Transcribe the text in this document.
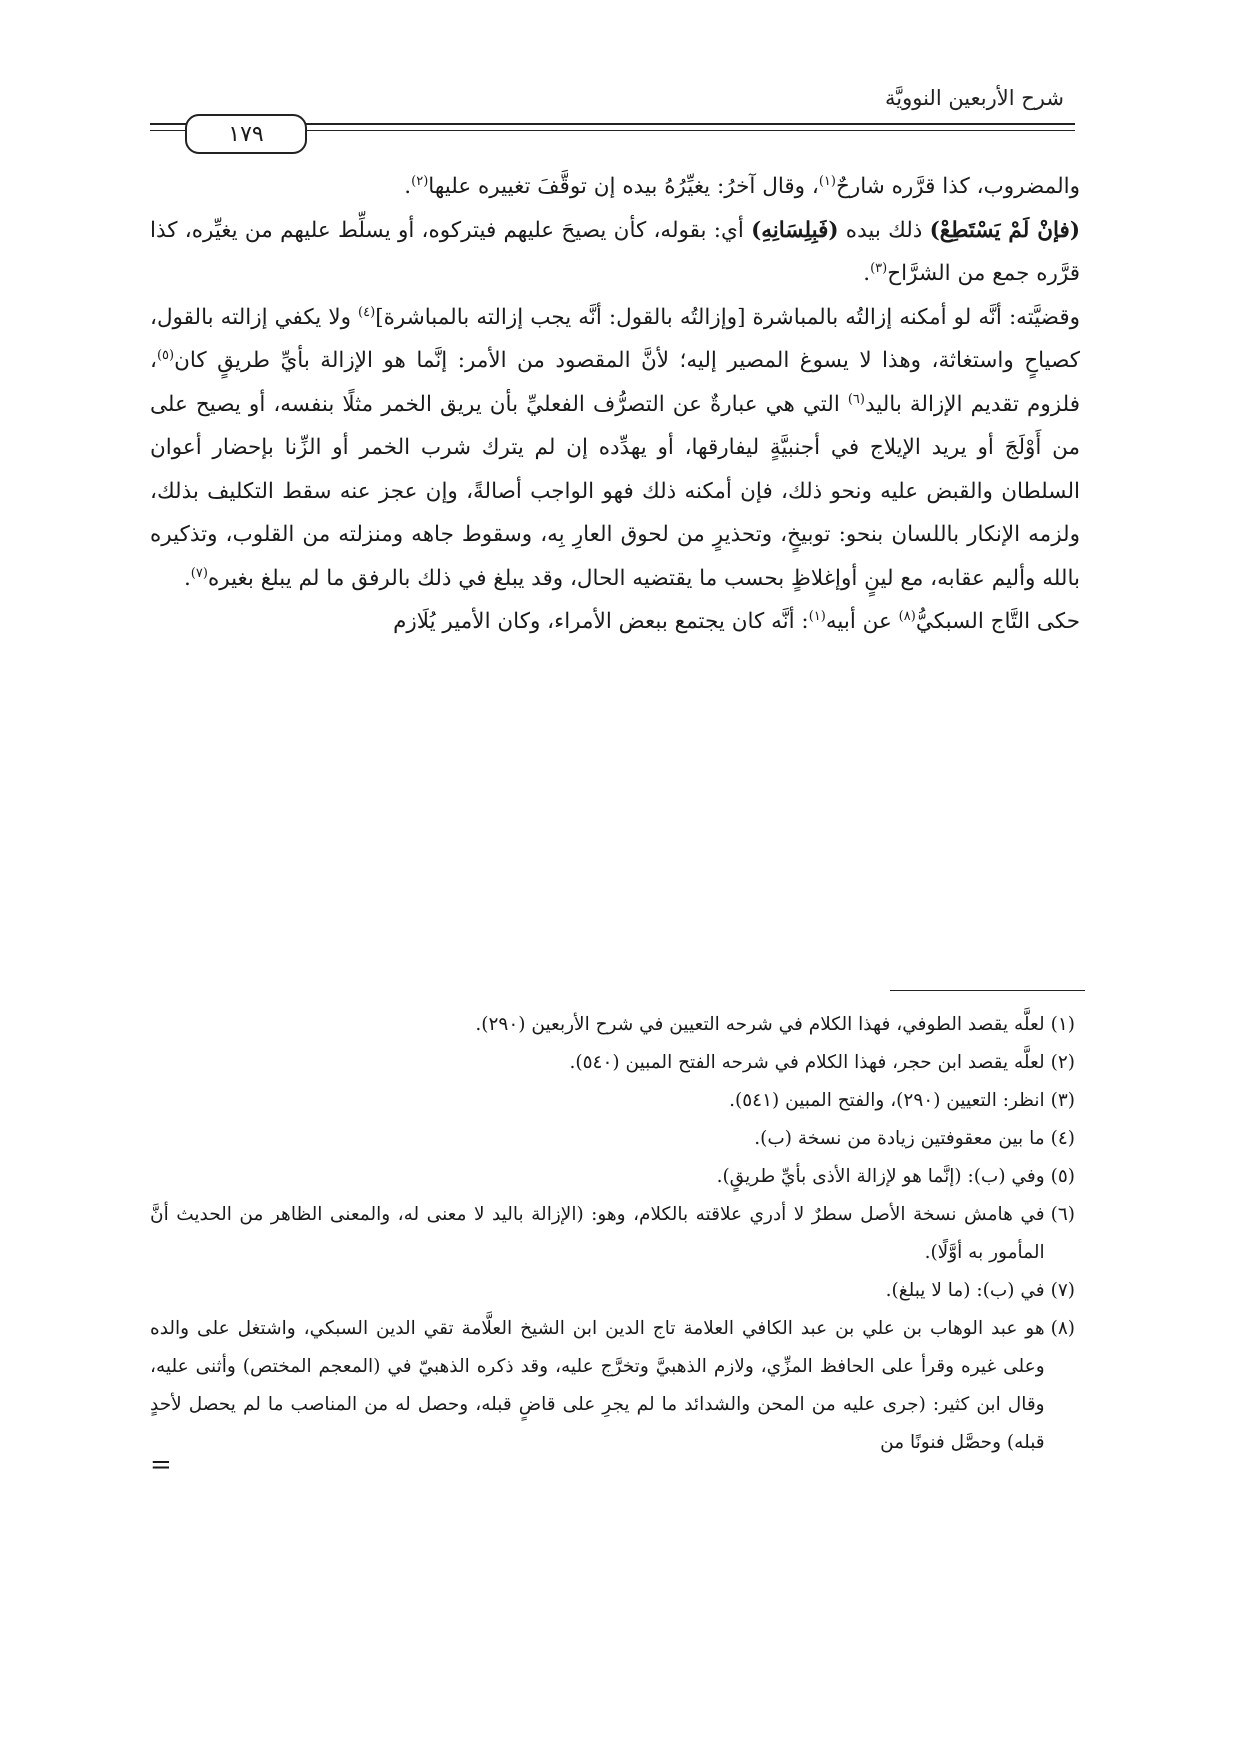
شرح الأربعين النوويَّة
١٧٩

والمضروب، كذا قرَّره شارحٌ$^{(١)}$، وقال آخرُ: يغيِّرُهُ بيده إن توقَّفَ تغييره عليها$^{(٢)}$.

(فإنْ لَمْ يَسْتَطِعْ) ذلك بيده (فَبِلِسَانِهِ) أي: بقوله، كأن يصيحَ عليهم فيتركوه، أو يسلِّط عليهم من يغيِّره، كذا قرَّره جمع من الشرَّاح$^{(٣)}$.

وقضيَّته: أنَّه لو أمكنه إزالتُه بالمباشرة [وإزالتُه بالقول: أنَّه يجب إزالته بالمباشرة]$^{(٤)}$ ولا يكفي إزالته بالقول، كصياحٍ واستغاثة، وهذا لا يسوغ المصير إليه؛ لأنَّ المقصود من الأمر: إنَّما هو الإزالة بأيِّ طريقٍ كان$^{(٥)}$، فلزوم تقديم الإزالة باليد$^{(٦)}$ التي هي عبارةٌ عن التصرُّف الفعليِّ بأن يريق الخمر مثلًا بنفسه، أو يصيح على من أَوْلَجَ أو يريد الإيلاج في أجنبيَّةٍ ليفارقها، أو يهدِّده إن لم يترك شرب الخمر أو الزِّنا بإحضار أعوان السلطان والقبض عليه ونحو ذلك، فإن أمكنه ذلك فهو الواجب أصالةً، وإن عجز عنه سقط التكليف بذلك، ولزمه الإنكار باللسان بنحو: توبيخٍ، وتحذيرٍ من لحوق العارِ بِه، وسقوط جاهه ومنزلته من القلوب، وتذكيره بالله وأليم عقابه، مع لينٍ أوإغلاظٍ بحسب ما يقتضيه الحال، وقد يبلغ في ذلك بالرفق ما لم يبلغ بغيره$^{(٧)}$.

حكى التَّاج السبكيُّ$^{(٨)}$ عن أبيه$^{(١)}$: أنَّه كان يجتمع ببعض الأمراء، وكان الأمير يُلَازم

(١)
لعلَّه يقصد الطوفي، فهذا الكلام في شرحه التعيين في شرح الأربعين (٢٩٠).
(٢)
لعلَّه يقصد ابن حجر، فهذا الكلام في شرحه الفتح المبين (٥٤٠).
(٣)
انظر: التعيين (٢٩٠)، والفتح المبين (٥٤١).
(٤)
ما بين معقوفتين زيادة من نسخة (ب).
(٥)
وفي (ب): (إنَّما هو لإزالة الأذى بأيِّ طريقٍ).
(٦)
في هامش نسخة الأصل سطرٌ لا أدري علاقته بالكلام، وهو: (الإزالة باليد لا معنى له، والمعنى الظاهر من الحديث أنَّ المأمور به أوَّلًا).
(٧)
في (ب): (ما لا يبلغ).
(٨)
هو عبد الوهاب بن علي بن عبد الكافي العلامة تاج الدين ابن الشيخ العلَّامة تقي الدين السبكي، واشتغل على والده وعلى غيره وقرأ على الحافظ المزِّي، ولازم الذهبيَّ وتخرَّج عليه، وقد ذكره الذهبيّ في (المعجم المختص) وأثنى عليه، وقال ابن كثير: (جرى عليه من المحن والشدائد ما لم يجرِ على قاضٍ قبله، وحصل له من المناصب ما لم يحصل لأحدٍ قبله) وحصَّل فنونًا من
=
